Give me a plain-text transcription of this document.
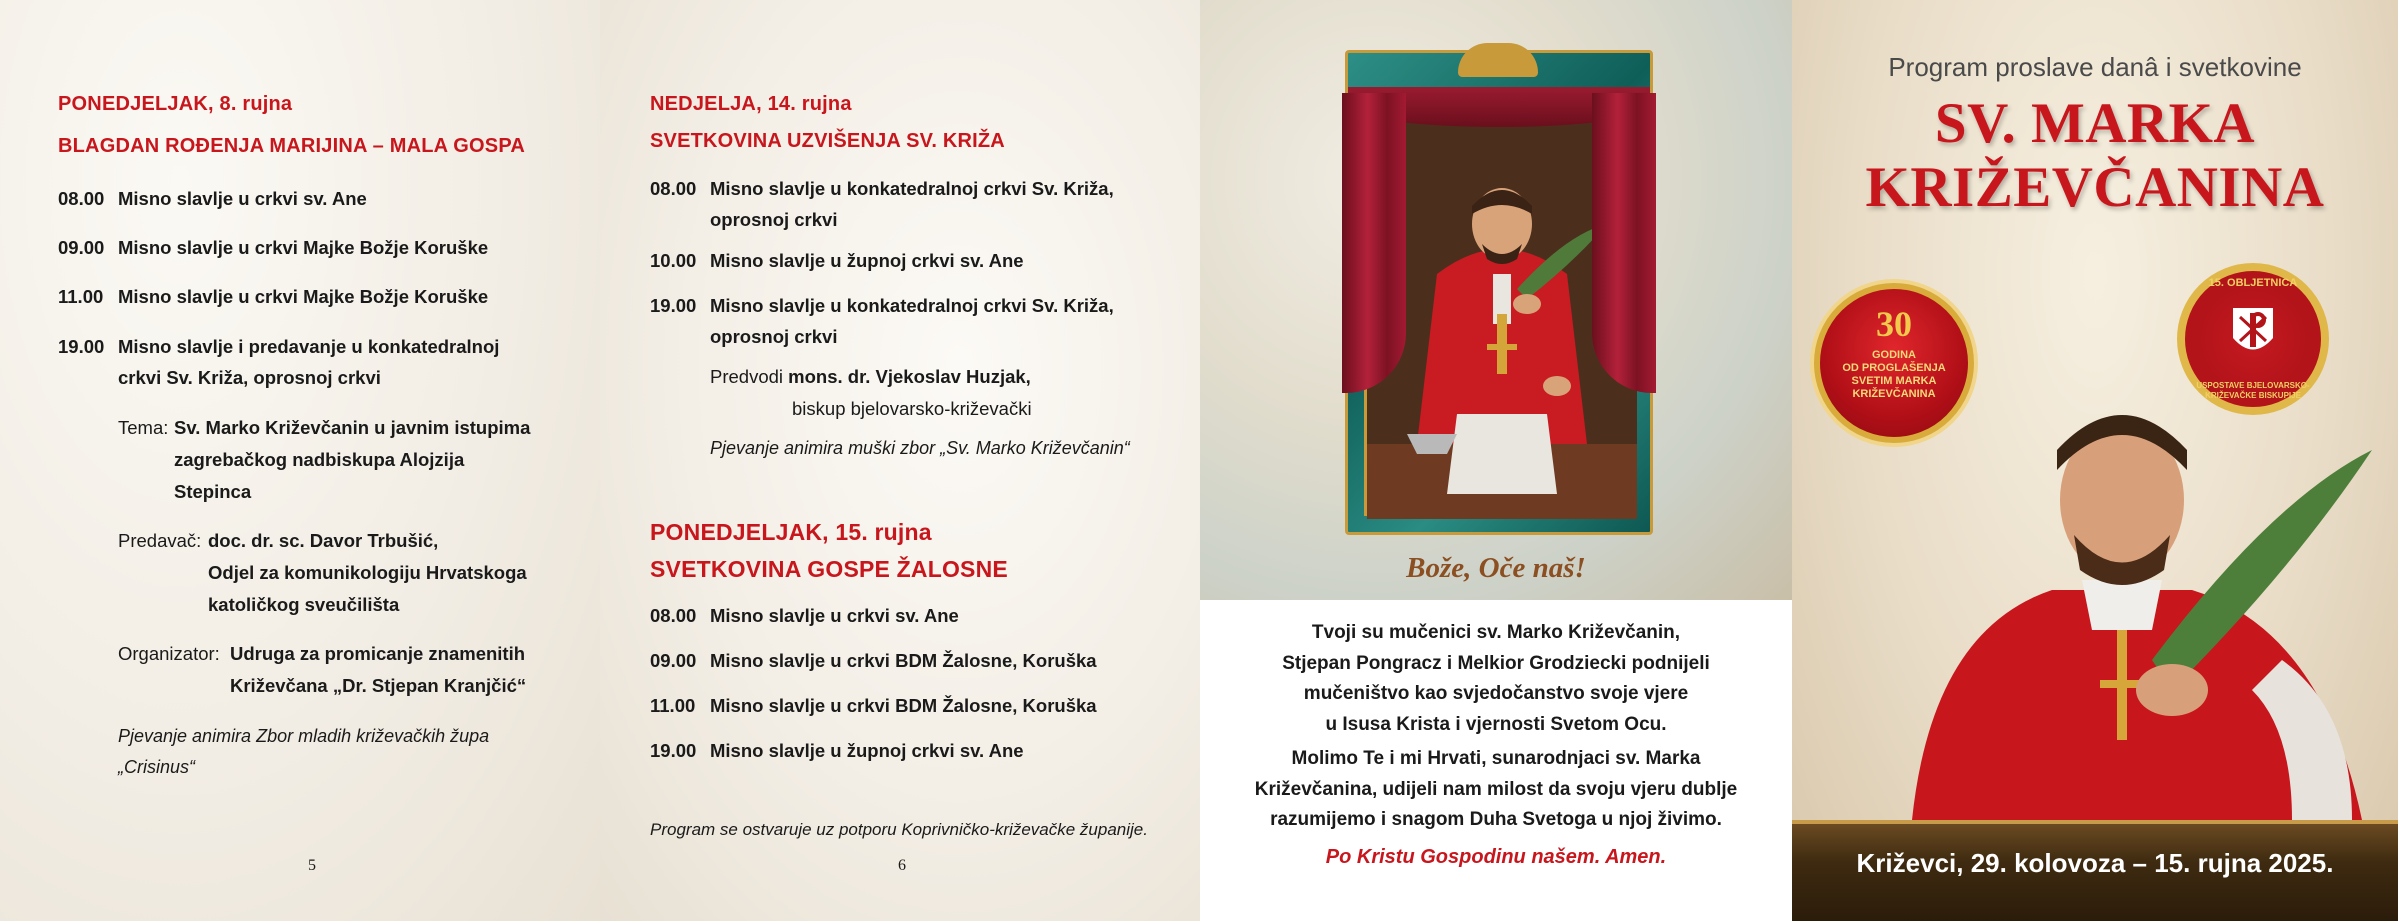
PONEDJELJAK, 8. rujna
BLAGDAN ROĐENJA MARIJINA – MALA GOSPA
08.00 Misno slavlje u crkvi sv. Ane
09.00 Misno slavlje u crkvi Majke Božje Koruške
11.00 Misno slavlje u crkvi Majke Božje Koruške
19.00 Misno slavlje i predavanje u konkatedralnoj
crkvi Sv. Križa, oprosnoj crkvi
Tema: Sv. Marko Križevčanin u javnim istupima
zagrebačkog nadbiskupa Alojzija
Stepinca
Predavač: doc. dr. sc. Davor Trbušić,
Odjel za komunikologiju Hrvatskoga
katoličkog sveučilišta
Organizator: Udruga za promicanje znamenitih
Križevčana „Dr. Stjepan Kranjčić“
Pjevanje animira Zbor mladih križevačkih župa
„Crisinus“
5
NEDJELJA, 14. rujna
SVETKOVINA UZVIŠENJA SV. KRIŽA
08.00 Misno slavlje u konkatedralnoj crkvi Sv. Križa,
oprosnoj crkvi
10.00 Misno slavlje u župnoj crkvi sv. Ane
19.00 Misno slavlje u konkatedralnoj crkvi Sv. Križa,
oprosnoj crkvi
Predvodi mons. dr. Vjekoslav Huzjak,
biskup bjelovarsko-križevački
Pjevanje animira muški zbor „Sv. Marko Križevčanin“
PONEDJELJAK, 15. rujna
SVETKOVINA GOSPE ŽALOSNE
08.00 Misno slavlje u crkvi sv. Ane
09.00 Misno slavlje u crkvi BDM Žalosne, Koruška
11.00 Misno slavlje u crkvi BDM Žalosne, Koruška
19.00 Misno slavlje u župnoj crkvi sv. Ane
Program se ostvaruje uz potporu Koprivničko-križevačke županije.
6
Bože, Oče naš!

Tvoji su mučenici sv. Marko Križevčanin,
Stjepan Pongracz i Melkior Grodziecki podnijeli
mučeništvo kao svjedočanstvo svoje vjere
u Isusa Krista i vjernosti Svetom Ocu.

Molimo Te i mi Hrvati, sunarodnjaci sv. Marka
Križevčanina, udijeli nam milost da svoju vjeru dublje
razumijemo i snagom Duha Svetoga u njoj živimo.

Po Kristu Gospodinu našem. Amen.
Program proslave danâ i svetkovine
SV. MARKA
KRIŽEVČANINA
30
GODINA
OD PROGLAŠENJA
SVETIM MARKA
KRIŽEVČANINA
15. OBLJETNICA
USPOSTAVE BJELOVARSKO-KRIŽEVAČKE BISKUPIJE
Križevci, 29. kolovoza – 15. rujna 2025.
